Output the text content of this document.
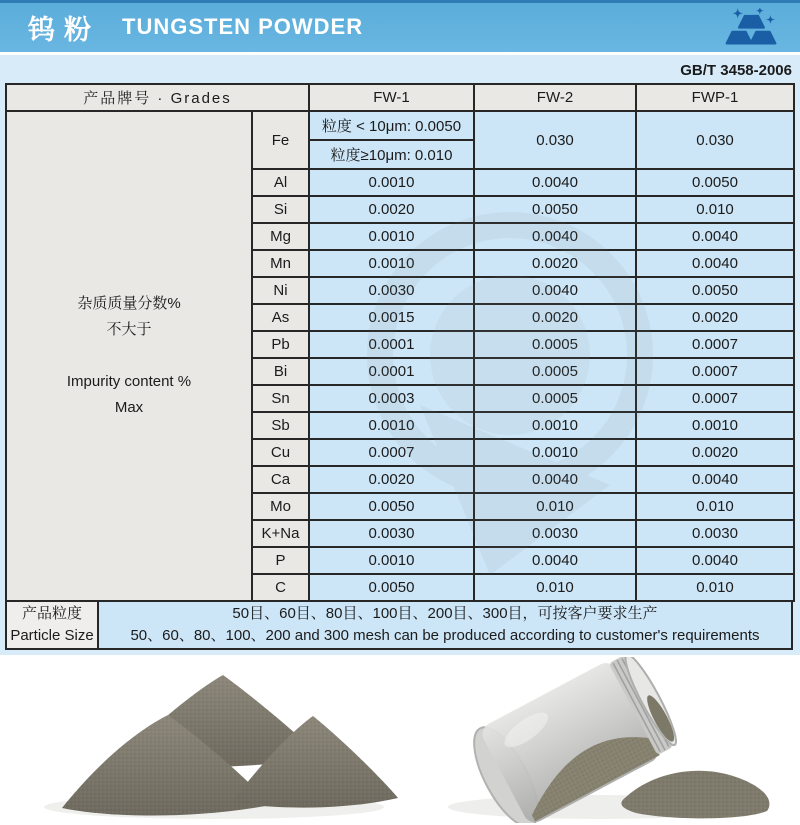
钨粉 TUNGSTEN POWDER
GB/T 3458-2006
产品牌号 · Grades		FW-1	FW-2	FWP-1

杂质质量分数%
不大于
Impurity content %
Max	Fe	粒度 < 10μm: 0.0050	0.030	0.030
		粒度≥10μm: 0.010		
	Al	0.0010	0.0040	0.0050
	Si	0.0020	0.0050	0.010
	Mg	0.0010	0.0040	0.0040
	Mn	0.0010	0.0020	0.0040
	Ni	0.0030	0.0040	0.0050
	As	0.0015	0.0020	0.0020
	Pb	0.0001	0.0005	0.0007
	Bi	0.0001	0.0005	0.0007
	Sn	0.0003	0.0005	0.0007
	Sb	0.0010	0.0010	0.0010
	Cu	0.0007	0.0010	0.0020
	Ca	0.0020	0.0040	0.0040
	Mo	0.0050	0.010	0.010
	K+Na	0.0030	0.0030	0.0030
	P	0.0010	0.0040	0.0040
	C	0.0050	0.010	0.010
产品粒度
Particle Size

50目、60目、80目、100目、200目、300目，可按客户要求生产
50、60、80、100、200 and 300 mesh can be produced according to customer's requirements
